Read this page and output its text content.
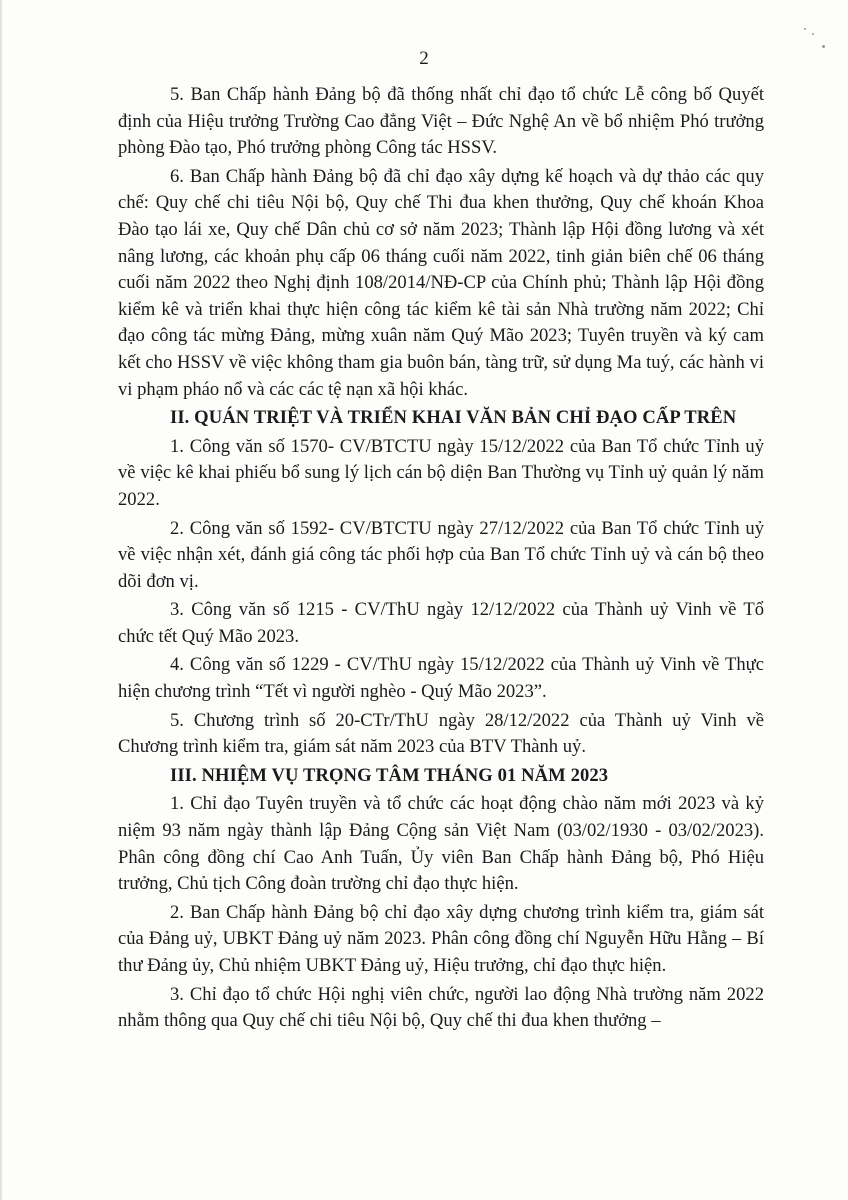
2

5. Ban Chấp hành Đảng bộ đã thống nhất chỉ đạo tổ chức Lễ công bố Quyết định của Hiệu trưởng Trường Cao đẳng Việt – Đức Nghệ An về bổ nhiệm Phó trưởng phòng Đào tạo, Phó trưởng phòng Công tác HSSV.

6. Ban Chấp hành Đảng bộ đã chỉ đạo xây dựng kế hoạch và dự thảo các quy chế: Quy chế chi tiêu Nội bộ, Quy chế Thi đua khen thưởng, Quy chế khoán Khoa Đào tạo lái xe, Quy chế Dân chủ cơ sở năm 2023; Thành lập Hội đồng lương và xét nâng lương, các khoản phụ cấp 06 tháng cuối năm 2022, tinh giản biên chế 06 tháng cuối năm 2022 theo Nghị định 108/2014/NĐ-CP của Chính phủ; Thành lập Hội đồng kiểm kê và triển khai thực hiện công tác kiểm kê tài sản Nhà trường năm 2022; Chỉ đạo công tác mừng Đảng, mừng xuân năm Quý Mão 2023; Tuyên truyền và ký cam kết cho HSSV về việc không tham gia buôn bán, tàng trữ, sử dụng Ma tuý, các hành vi vi phạm pháo nổ và các các tệ nạn xã hội khác.

II. QUÁN TRIỆT VÀ TRIỂN KHAI VĂN BẢN CHỈ ĐẠO CẤP TRÊN

1. Công văn số 1570- CV/BTCTU ngày 15/12/2022 của Ban Tổ chức Tỉnh uỷ về việc kê khai phiếu bổ sung lý lịch cán bộ diện Ban Thường vụ Tỉnh uỷ quản lý năm 2022.

2. Công văn số 1592- CV/BTCTU ngày 27/12/2022 của Ban Tổ chức Tỉnh uỷ về việc nhận xét, đánh giá công tác phối hợp của Ban Tổ chức Tỉnh uỷ và cán bộ theo dõi đơn vị.

3. Công văn số 1215 - CV/ThU ngày 12/12/2022 của Thành uỷ Vinh về Tổ chức tết Quý Mão 2023.

4. Công văn số 1229 - CV/ThU ngày 15/12/2022 của Thành uỷ Vinh về Thực hiện chương trình “Tết vì người nghèo - Quý Mão 2023”.

5. Chương trình số 20-CTr/ThU ngày 28/12/2022 của Thành uỷ Vinh về Chương trình kiểm tra, giám sát năm 2023 của BTV Thành uỷ.

III. NHIỆM VỤ TRỌNG TÂM THÁNG 01 NĂM 2023

1. Chỉ đạo Tuyên truyền và tổ chức các hoạt động chào năm mới 2023 và kỷ niệm 93 năm ngày thành lập Đảng Cộng sản Việt Nam (03/02/1930 - 03/02/2023). Phân công đồng chí Cao Anh Tuấn, Ủy viên Ban Chấp hành Đảng bộ, Phó Hiệu trưởng, Chủ tịch Công đoàn trường chỉ đạo thực hiện.

2. Ban Chấp hành Đảng bộ chỉ đạo xây dựng chương trình kiểm tra, giám sát của Đảng uỷ, UBKT Đảng uỷ năm 2023. Phân công đồng chí Nguyễn Hữu Hằng – Bí thư Đảng ủy, Chủ nhiệm UBKT Đảng uỷ, Hiệu trưởng, chỉ đạo thực hiện.

3. Chỉ đạo tổ chức Hội nghị viên chức, người lao động Nhà trường năm 2022 nhằm thông qua Quy chế chi tiêu Nội bộ, Quy chế thi đua khen thưởng –
